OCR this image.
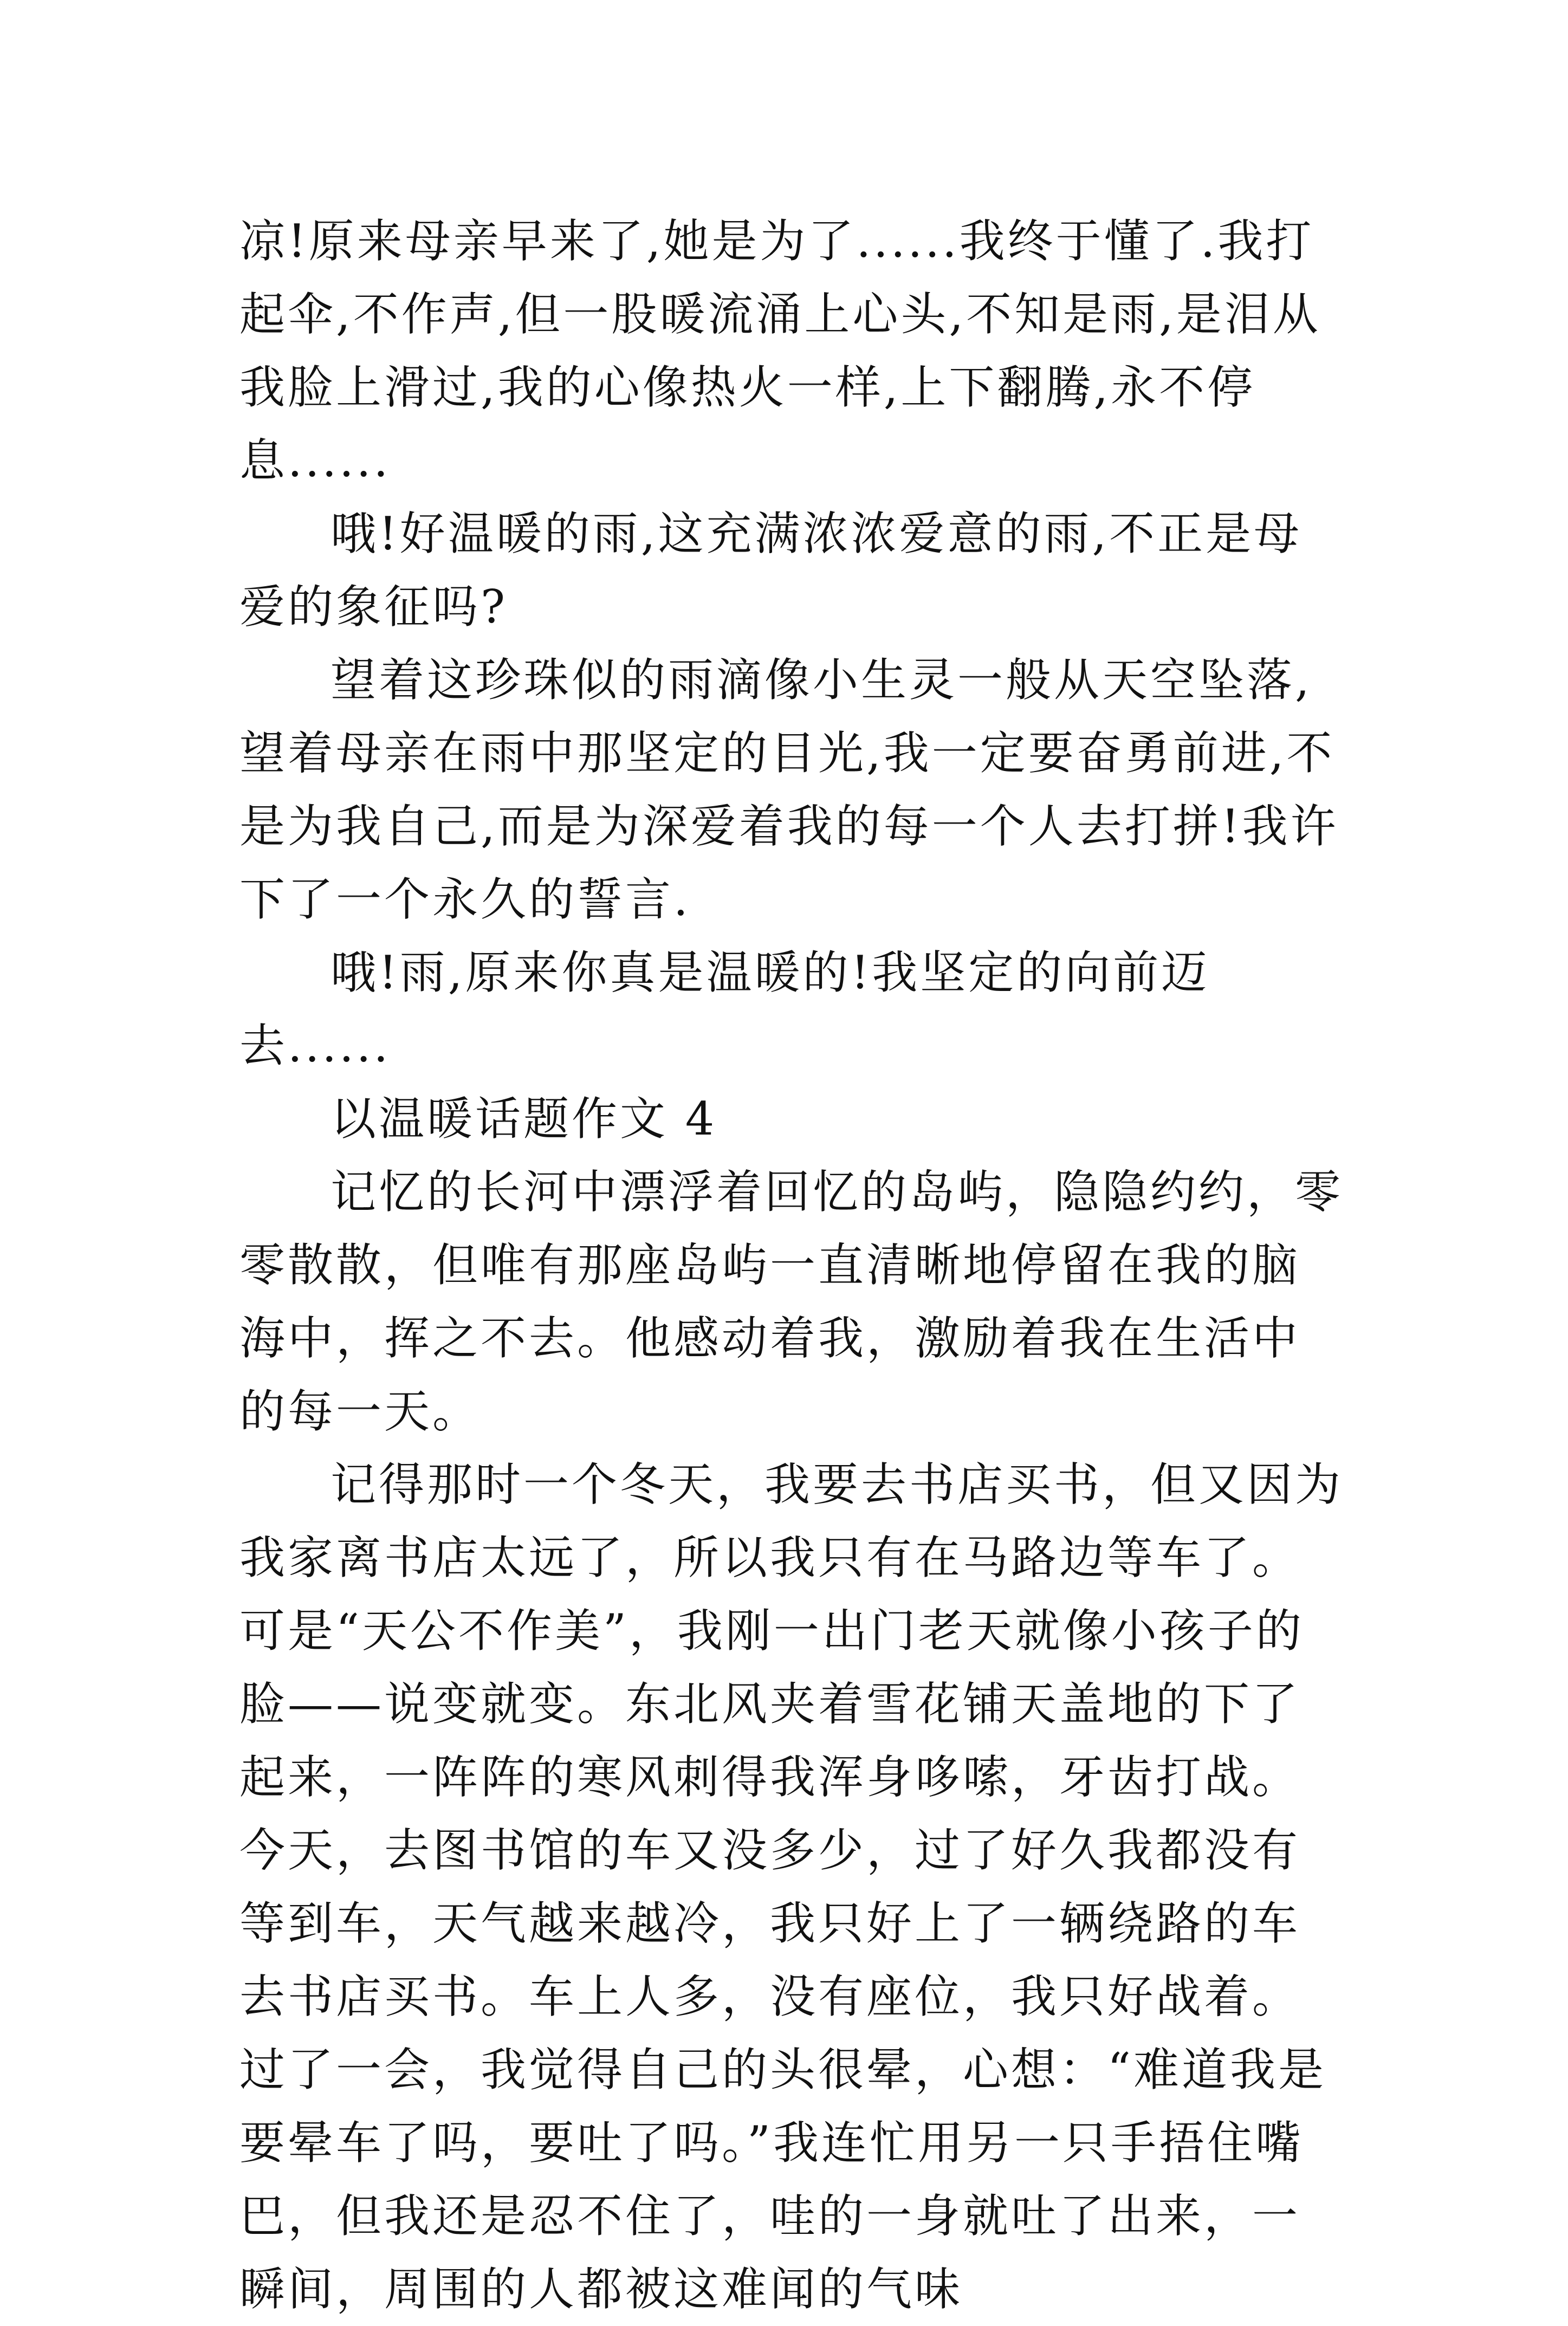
凉!原来母亲早来了,她是为了......我终于懂了.我打起伞,不作声,但一股暖流涌上心头,不知是雨,是泪从我脸上滑过,我的心像热火一样,上下翻腾,永不停息......

哦!好温暖的雨,这充满浓浓爱意的雨,不正是母爱的象征吗?

望着这珍珠似的雨滴像小生灵一般从天空坠落,望着母亲在雨中那坚定的目光,我一定要奋勇前进,不是为我自己,而是为深爱着我的每一个人去打拼!我许下了一个永久的誓言.

哦!雨,原来你真是温暖的!我坚定的向前迈去......

以温暖话题作文 4

记忆的长河中漂浮着回忆的岛屿，隐隐约约，零零散散，但唯有那座岛屿一直清晰地停留在我的脑海中，挥之不去。他感动着我，激励着我在生活中的每一天。

记得那时一个冬天，我要去书店买书，但又因为我家离书店太远了，所以我只有在马路边等车了。可是“天公不作美”，我刚一出门老天就像小孩子的脸——说变就变。东北风夹着雪花铺天盖地的下了起来，一阵阵的寒风刺得我浑身哆嗦，牙齿打战。今天，去图书馆的车又没多少，过了好久我都没有等到车，天气越来越冷，我只好上了一辆绕路的车去书店买书。车上人多，没有座位，我只好战着。过了一会，我觉得自己的头很晕，心想：“难道我是要晕车了吗，要吐了吗。”我连忙用另一只手捂住嘴巴，但我还是忍不住了，哇的一身就吐了出来，一瞬间，周围的人都被这难闻的气味
